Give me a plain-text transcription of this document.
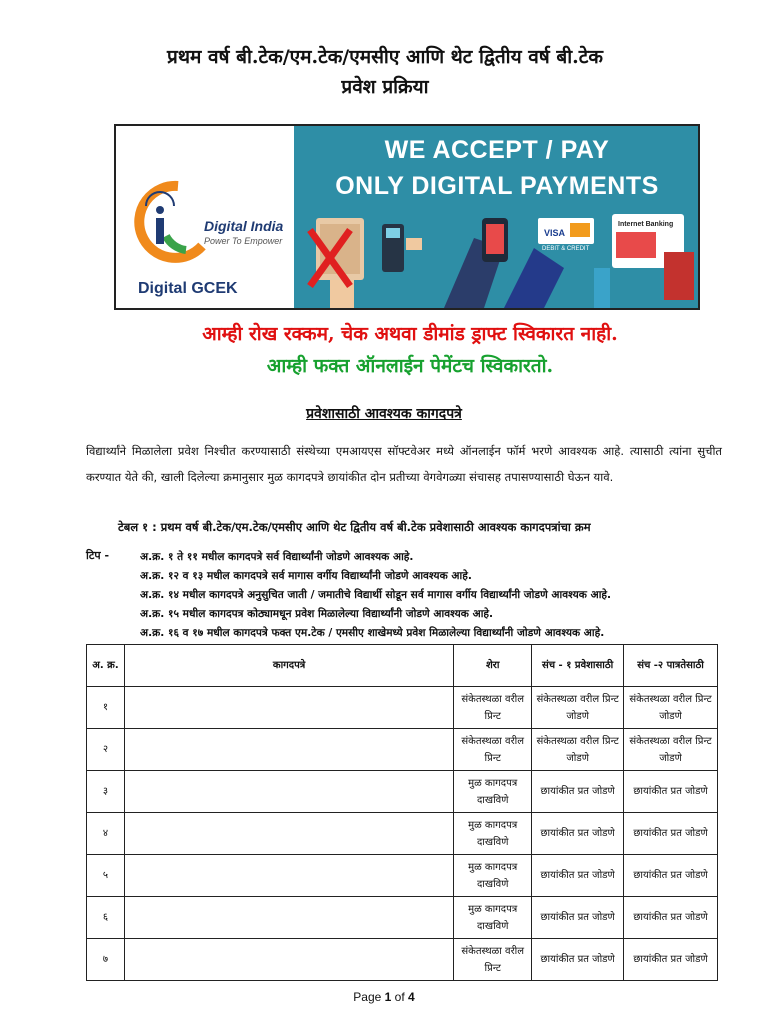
प्रथम वर्ष बी.टेक/एम.टेक/एमसीए आणि थेट द्वितीय वर्ष बी.टेक
प्रवेश प्रक्रिया
Digital India
Power To Empower
Digital GCEK
WE ACCEPT / PAY
ONLY DIGITAL PAYMENTS
VISA
DEBIT & CREDIT
Internet Banking
आम्ही रोख रक्कम, चेक अथवा डीमांड ड्राफ्ट स्विकारत नाही.
आम्ही फक्त ऑनलाईन पेमेंटच स्विकारतो.
प्रवेशासाठी आवश्यक कागदपत्रे
विद्यार्थ्यांने मिळालेला प्रवेश निश्चीत करण्यासाठी संस्थेच्या एमआयएस सॉफ्टवेअर मध्ये ऑनलाईन फॉर्म भरणे आवश्यक आहे. त्यासाठी त्यांना सुचीत करण्यात येते की, खाली दिलेल्या क्रमानुसार मुळ कागदपत्रे छायांकीत दोन प्रतीच्या वेगवेगळ्या संचासह तपासण्यासाठी घेऊन यावे.
टेबल १ : प्रथम वर्ष बी.टेक/एम.टेक/एमसीए आणि थेट द्वितीय वर्ष बी.टेक प्रवेशासाठी आवश्यक कागदपत्रांचा क्रम
टिप -	अ.क्र. १ ते ११ मधील कागदपत्रे सर्व विद्यार्थ्यांनी जोडणे आवश्यक आहे.
अ.क्र. १२ व १३ मधील कागदपत्रे सर्व मागास वर्गीय विद्यार्थ्यांनी जोडणे आवश्यक आहे.
अ.क्र. १४ मधील कागदपत्रे अनुसुचित जाती / जमातीचे विद्यार्थी सोडून सर्व मागास वर्गीय विद्यार्थ्यांनी जोडणे आवश्यक आहे.
अ.क्र. १५ मधील कागदपत्र कोठ्यामधून प्रवेश मिळालेल्या विद्यार्थ्यांनी जोडणे आवश्यक आहे.
अ.क्र. १६ व १७ मधील कागदपत्रे फक्त एम.टेक / एमसीए शाखेमध्ये प्रवेश मिळालेल्या विद्यार्थ्यांनी जोडणे आवश्यक आहे.
अ. क्र.	कागदपत्रे	शेरा	संच - १ प्रवेशासाठी	संच -२ पात्रतेसाठी
१		संकेतस्थळा वरील प्रिन्ट	संकेतस्थळा वरील प्रिन्ट जोडणे	संकेतस्थळा वरील प्रिन्ट जोडणे
२		संकेतस्थळा वरील प्रिन्ट	संकेतस्थळा वरील प्रिन्ट जोडणे	संकेतस्थळा वरील प्रिन्ट जोडणे
३		मुळ कागदपत्र दाखविणे	छायांकीत प्रत जोडणे	छायांकीत प्रत जोडणे
४		मुळ कागदपत्र दाखविणे	छायांकीत प्रत जोडणे	छायांकीत प्रत जोडणे
५		मुळ कागदपत्र दाखविणे	छायांकीत प्रत जोडणे	छायांकीत प्रत जोडणे
६		मुळ कागदपत्र दाखविणे	छायांकीत प्रत जोडणे	छायांकीत प्रत जोडणे
७		संकेतस्थळा वरील प्रिन्ट	छायांकीत प्रत जोडणे	छायांकीत प्रत जोडणे
Page 1 of 4
